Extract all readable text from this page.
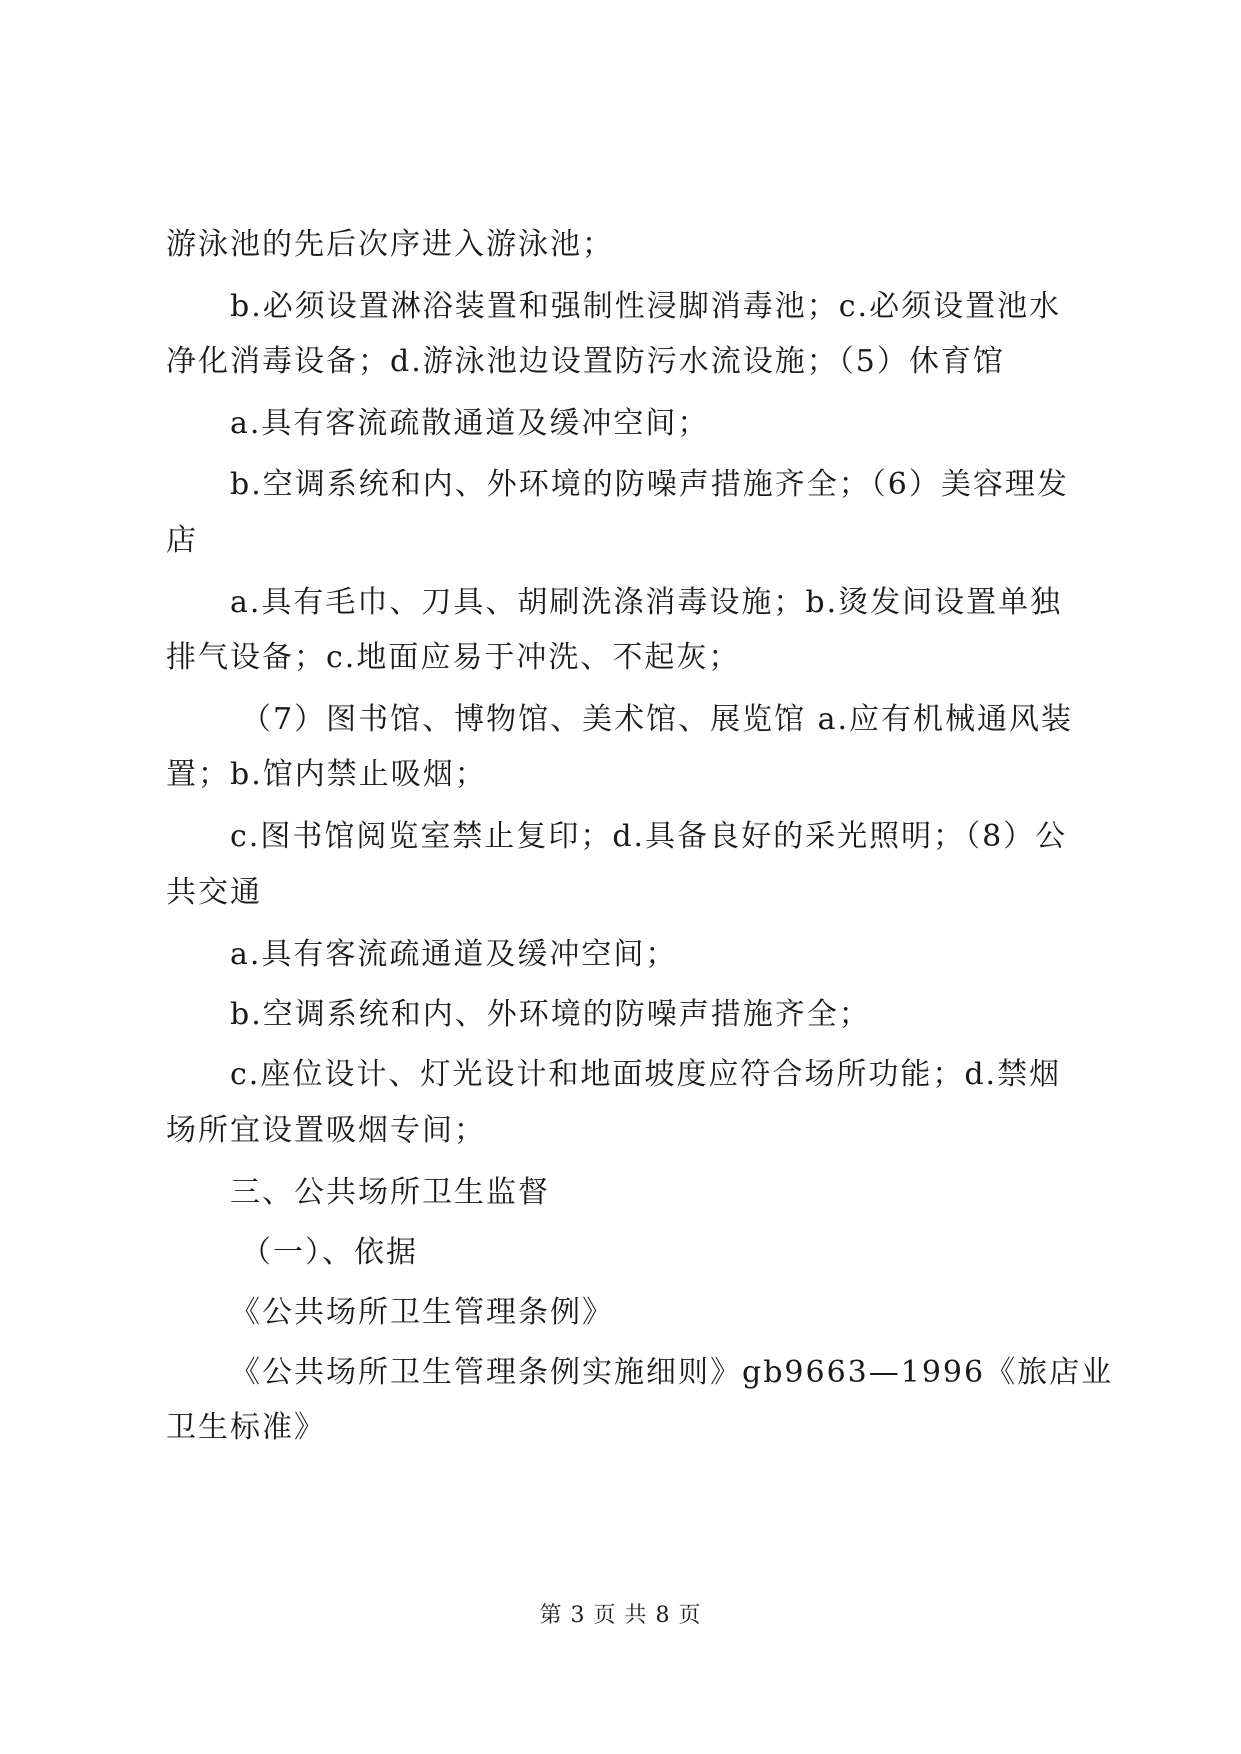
游泳池的先后次序进入游泳池；
b.必须设置淋浴装置和强制性浸脚消毒池；c.必须设置池水
净化消毒设备；d.游泳池边设置防污水流设施；（5）休育馆
a.具有客流疏散通道及缓冲空间；
b.空调系统和内、外环境的防噪声措施齐全；（6）美容理发
店
a.具有毛巾、刀具、胡刷洗涤消毒设施；b.烫发间设置单独
排气设备；c.地面应易于冲洗、不起灰；
（7）图书馆、博物馆、美术馆、展览馆 a.应有机械通风装
置；b.馆内禁止吸烟；
c.图书馆阅览室禁止复印；d.具备良好的采光照明；（8）公
共交通
a.具有客流疏通道及缓冲空间；
b.空调系统和内、外环境的防噪声措施齐全；
c.座位设计、灯光设计和地面坡度应符合场所功能；d.禁烟
场所宜设置吸烟专间；
三、公共场所卫生监督
（一）、依据
《公共场所卫生管理条例》
《公共场所卫生管理条例实施细则》gb9663—1996《旅店业
卫生标准》
第 3 页 共 8 页
